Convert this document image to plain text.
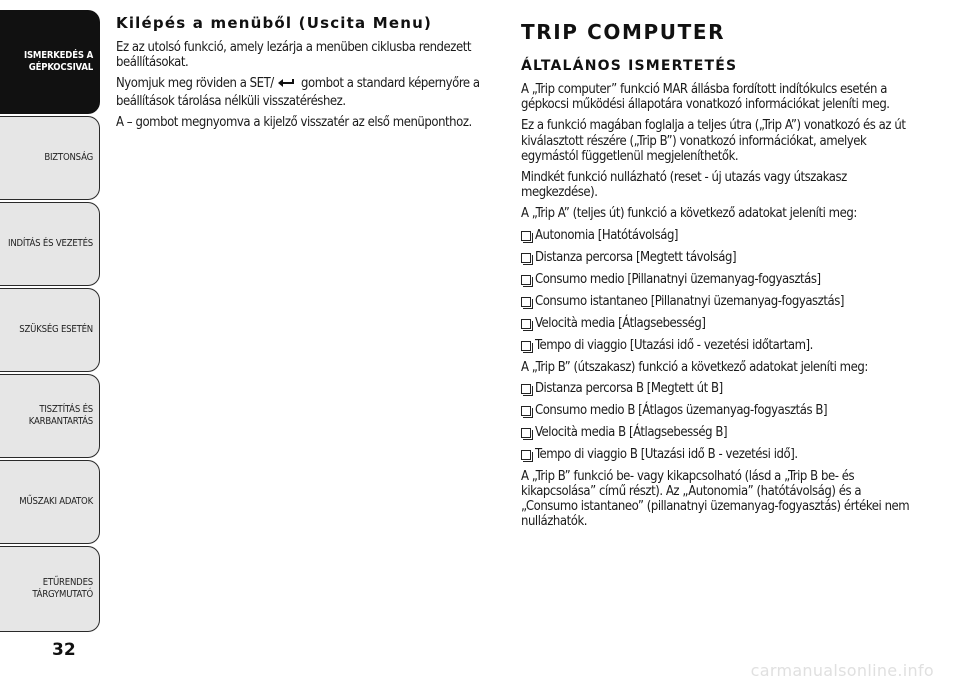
ISMERKEDÉS A
GÉPKOCSIVAL
BIZTONSÁG
INDÍTÁS ÉS VEZETÉS
SZÜKSÉG ESETÉN
TISZTÍTÁS ÉS
KARBANTARTÁS
MŰSZAKI ADATOK
ETŰRENDES
TÁRGYMUTATÓ
32
Kilépés a menüből (Uscita Menu)

Ez az utolsó funkció, amely lezárja a menüben ciklusba rendezett beállításokat.

Nyomjuk meg röviden a SET/ gombot a standard képernyőre a beállítások tárolása nélküli visszatéréshez.

A – gombot megnyomva a kijelző visszatér az első menüponthoz.

TRIP COMPUTER
ÁLTALÁNOS ISMERTETÉS

A „Trip computer” funkció MAR állásba fordított indítókulcs esetén a gépkocsi működési állapotára vonatkozó információkat jeleníti meg.

Ez a funkció magában foglalja a teljes útra („Trip A”) vonatkozó és az út kiválasztott részére („Trip B”) vonatkozó információkat, amelyek egymástól függetlenül megjeleníthetők.

Mindkét funkció nullázható (reset - új utazás vagy útszakasz megkezdése).

A „Trip A” (teljes út) funkció a következő adatokat jeleníti meg:

Autonomia [Hatótávolság]
Distanza percorsa [Megtett távolság]
Consumo medio [Pillanatnyi üzemanyag-fogyasztás]
Consumo istantaneo [Pillanatnyi üzemanyag-fogyasztás]
Velocità media [Átlagsebesség]
Tempo di viaggio [Utazási idő - vezetési időtartam].

A „Trip B” (útszakasz) funkció a következő adatokat jeleníti meg:

Distanza percorsa B [Megtett út B]
Consumo medio B [Átlagos üzemanyag-fogyasztás B]
Velocità media B [Átlagsebesség B]
Tempo di viaggio B [Utazási idő B - vezetési idő].

A „Trip B” funkció be- vagy kikapcsolható (lásd a „Trip B be- és kikapcsolása” című részt). Az „Autonomia” (hatótávolság) és a „Consumo istantaneo” (pillanatnyi üzemanyag-fogyasztás) értékei nem nullázhatók.

carmanualsonline.info
